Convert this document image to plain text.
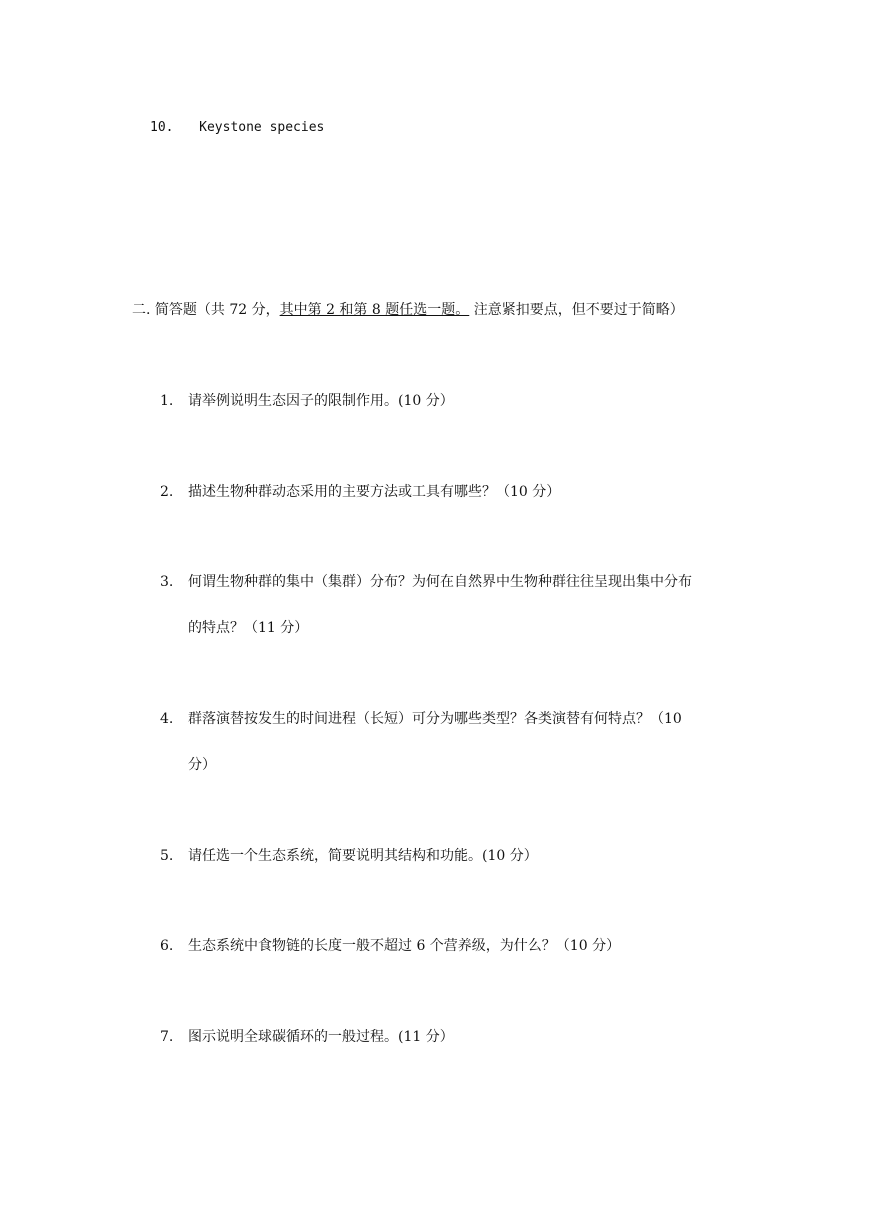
10. Keystone species
二. 简答题（共 72 分，其中第 2 和第 8 题任选一题。 注意紧扣要点，但不要过于简略）
1. 请举例说明生态因子的限制作用。(10 分）
2. 描述生物种群动态采用的主要方法或工具有哪些？（10 分）
3. 何谓生物种群的集中（集群）分布？为何在自然界中生物种群往往呈现出集中分布
的特点？（11 分）
4. 群落演替按发生的时间进程（长短）可分为哪些类型？各类演替有何特点？（10
分）
5. 请任选一个生态系统，简要说明其结构和功能。(10 分）
6. 生态系统中食物链的长度一般不超过 6 个营养级，为什么？（10 分）
7. 图示说明全球碳循环的一般过程。(11 分）
